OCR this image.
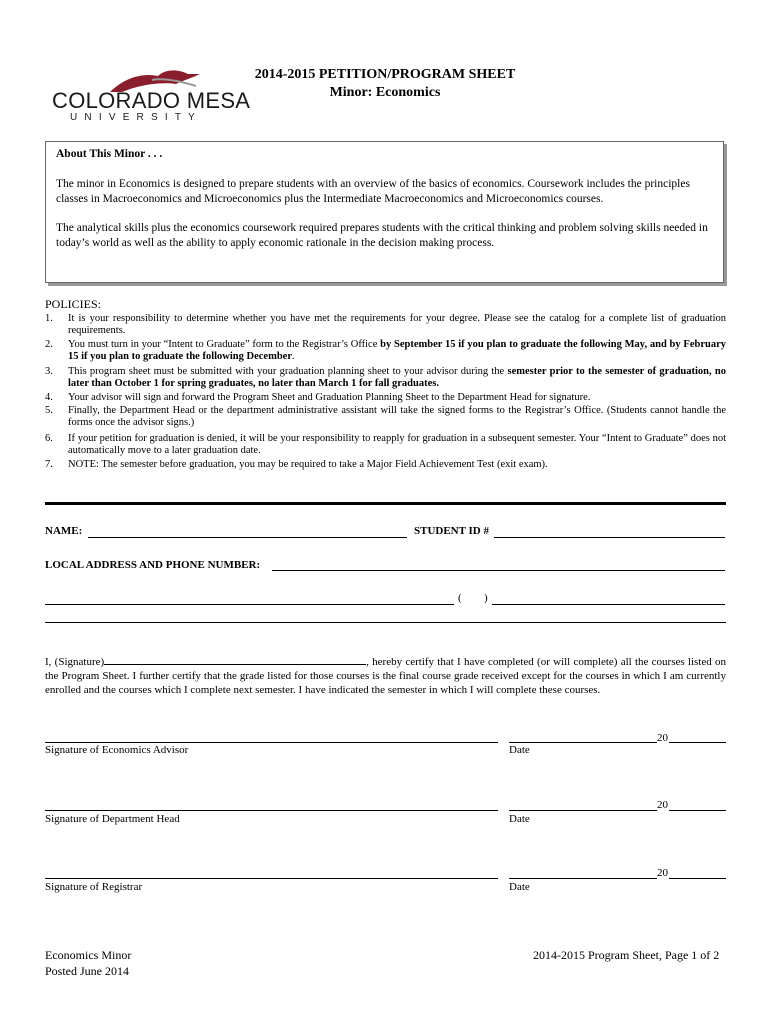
COLORADO MESA
UNIVERSITY
2014-2015 PETITION/PROGRAM SHEET
Minor: Economics
About This Minor . . .
The minor in Economics is designed to prepare students with an overview of the basics of economics. Coursework includes the principles classes in Macroeconomics and Microeconomics plus the Intermediate Macroeconomics and Microeconomics courses.
The analytical skills plus the economics coursework required prepares students with the critical thinking and problem solving skills needed in today’s world as well as the ability to apply economic rationale in the decision making process.
POLICIES:
1.	It is your responsibility to determine whether you have met the requirements for your degree. Please see the catalog for a complete list of graduation requirements.
2.	You must turn in your “Intent to Graduate” form to the Registrar’s Office by September 15 if you plan to graduate the following May, and by February 15 if you plan to graduate the following December.
3.	This program sheet must be submitted with your graduation planning sheet to your advisor during the semester prior to the semester of graduation, no later than October 1 for spring graduates, no later than March 1 for fall graduates.
4.	Your advisor will sign and forward the Program Sheet and Graduation Planning Sheet to the Department Head for signature.
5.	Finally, the Department Head or the department administrative assistant will take the signed forms to the Registrar’s Office. (Students cannot handle the forms once the advisor signs.)
6.	If your petition for graduation is denied, it will be your responsibility to reapply for graduation in a subsequent semester. Your “Intent to Graduate” does not automatically move to a later graduation date.
7.	NOTE: The semester before graduation, you may be required to take a Major Field Achievement Test (exit exam).
NAME:	STUDENT ID #
LOCAL ADDRESS AND PHONE NUMBER:
( )
I, (Signature)	, hereby certify that I have completed (or will complete) all the courses listed on the Program Sheet. I further certify that the grade listed for those courses is the final course grade received except for the courses in which I am currently enrolled and the courses which I complete next semester. I have indicated the semester in which I will complete these courses.
Signature of Economics Advisor
20
Date
Signature of Department Head
20
Date
Signature of Registrar
20
Date
Economics Minor
Posted June 2014
2014-2015 Program Sheet, Page 1 of 2
